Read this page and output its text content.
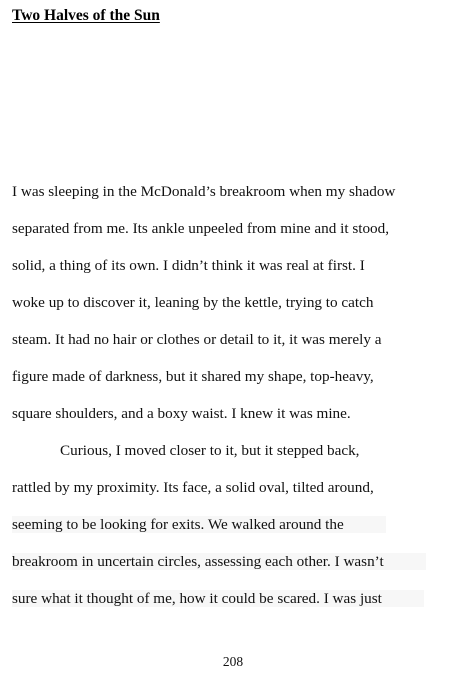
Two Halves of the Sun
I was sleeping in the McDonald’s breakroom when my shadow
separated from me. Its ankle unpeeled from mine and it stood,
solid, a thing of its own. I didn’t think it was real at first. I
woke up to discover it, leaning by the kettle, trying to catch
steam. It had no hair or clothes or detail to it, it was merely a
figure made of darkness, but it shared my shape, top-heavy,
square shoulders, and a boxy waist. I knew it was mine.
Curious, I moved closer to it, but it stepped back,
rattled by my proximity. Its face, a solid oval, tilted around,
seeming to be looking for exits. We walked around the
breakroom in uncertain circles, assessing each other. I wasn’t
sure what it thought of me, how it could be scared. I was just
208
